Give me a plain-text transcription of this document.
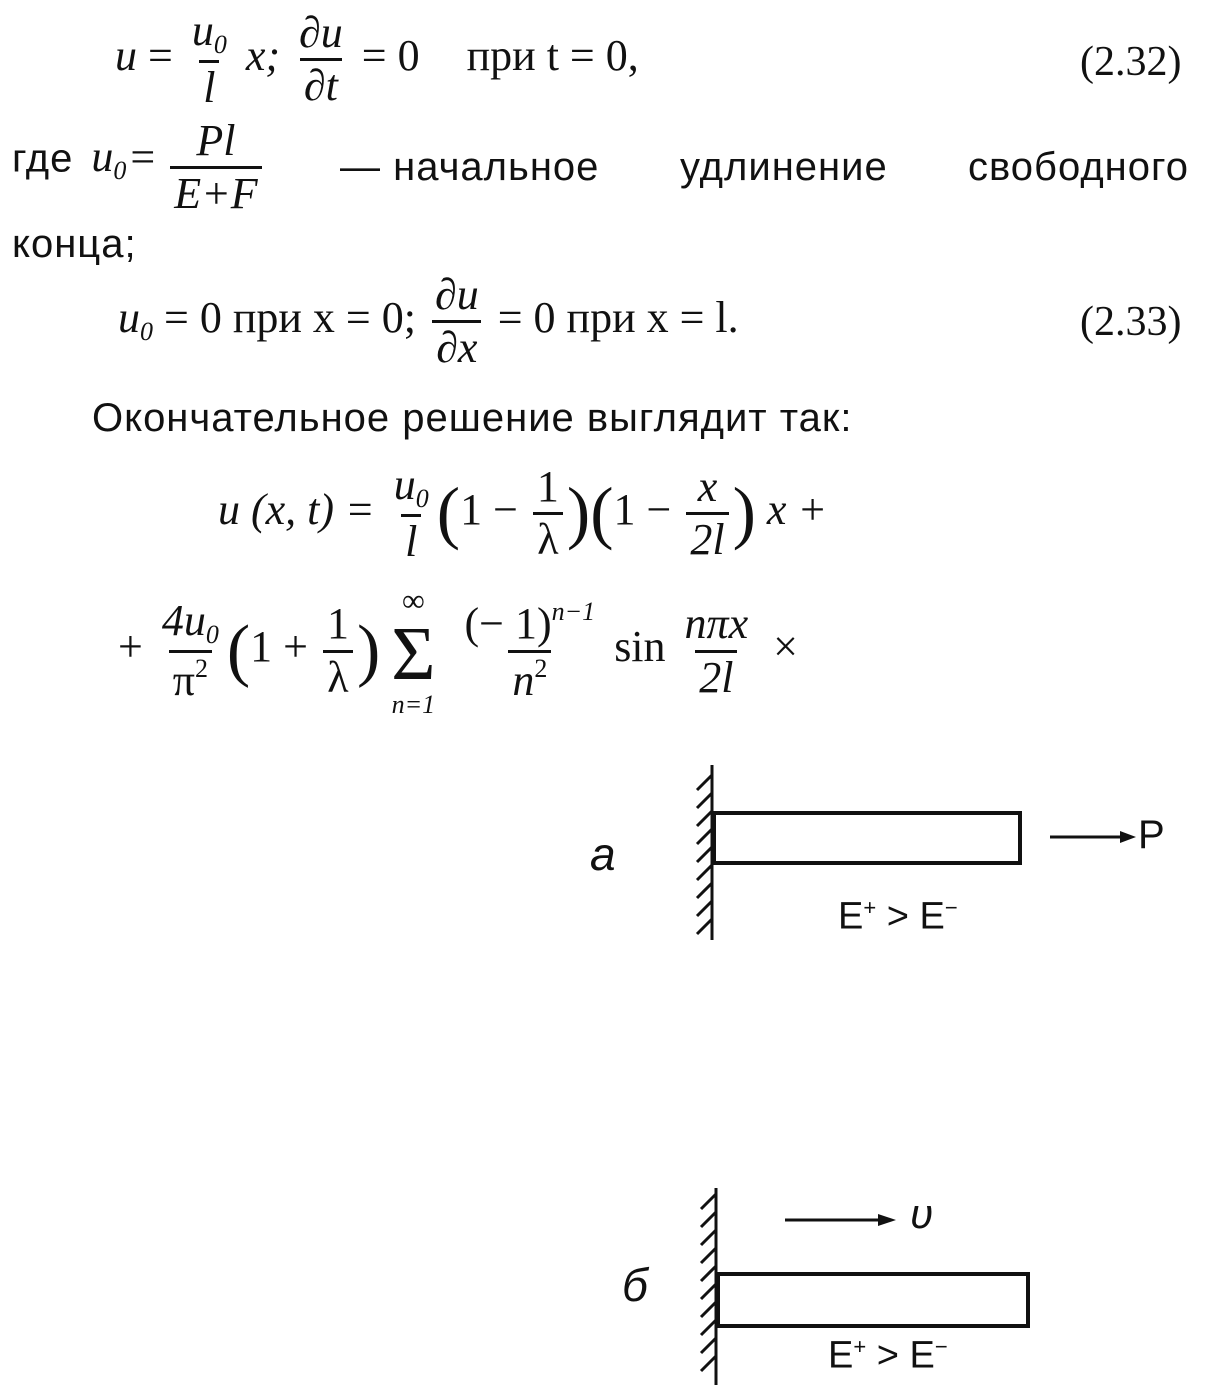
$u = \frac{u_0}{l} x$; $\frac{\partial u}{\partial t} = 0$ при t = 0,	(2.32)
где $u_0 = \frac{Pl}{E+F}$ — начальное удлинение свободного
конца;
$u_0 = 0$ при x = 0; $\frac{\partial u}{\partial x} = 0$ при x = l.	(2.33)
Окончательное решение выглядит так:
u (x, $t) = \frac{u_0}{l} (1 - \frac{1}{\lambda} )(1 - \frac{x}{2l}$ ) x +
+ $\frac{4u_0}{\pi^2} (1 + \frac{1}{\lambda}$ )
∞
Σ
n=1

$\frac{(- 1)^{n-1}}{n^2}$ $\sin \frac{\text{nπx}}{2l}$ ×
a	P
E+ > E−
б
υ
E+ > E−
